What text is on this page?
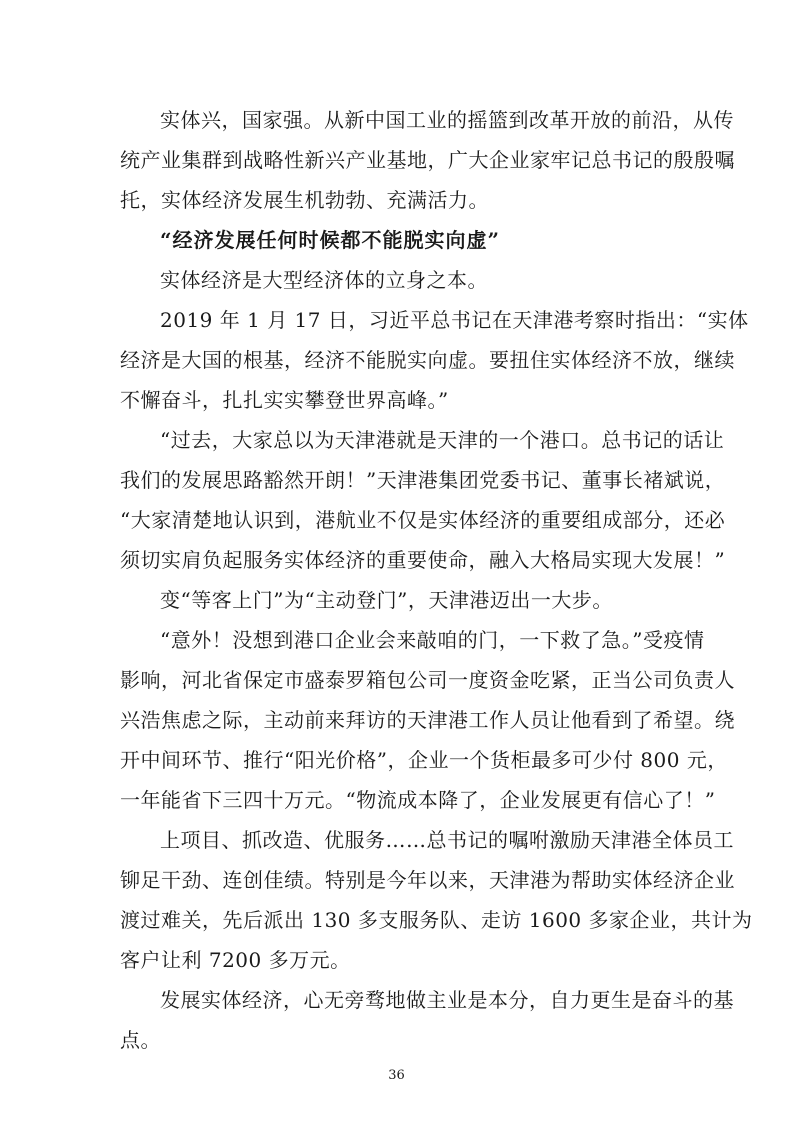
实体兴，国家强。从新中国工业的摇篮到改革开放的前沿，从传
统产业集群到战略性新兴产业基地，广大企业家牢记总书记的殷殷嘱
托，实体经济发展生机勃勃、充满活力。
“经济发展任何时候都不能脱实向虚”
实体经济是大型经济体的立身之本。
2019 年 1 月 17 日，习近平总书记在天津港考察时指出：“实体
经济是大国的根基，经济不能脱实向虚。要扭住实体经济不放，继续
不懈奋斗，扎扎实实攀登世界高峰。”
“过去，大家总以为天津港就是天津的一个港口。总书记的话让
我们的发展思路豁然开朗！”天津港集团党委书记、董事长褚斌说，
“大家清楚地认识到，港航业不仅是实体经济的重要组成部分，还必
须切实肩负起服务实体经济的重要使命，融入大格局实现大发展！”
变“等客上门”为“主动登门”，天津港迈出一大步。
“意外！没想到港口企业会来敲咱的门，一下救了急。”受疫情
影响，河北省保定市盛泰罗箱包公司一度资金吃紧，正当公司负责人
兴浩焦虑之际，主动前来拜访的天津港工作人员让他看到了希望。绕
开中间环节、推行“阳光价格”，企业一个货柜最多可少付 800 元，
一年能省下三四十万元。“物流成本降了，企业发展更有信心了！”
上项目、抓改造、优服务……总书记的嘱咐激励天津港全体员工
铆足干劲、连创佳绩。特别是今年以来，天津港为帮助实体经济企业
渡过难关，先后派出 130 多支服务队、走访 1600 多家企业，共计为
客户让利 7200 多万元。
发展实体经济，心无旁骛地做主业是本分，自力更生是奋斗的基
点。
36
